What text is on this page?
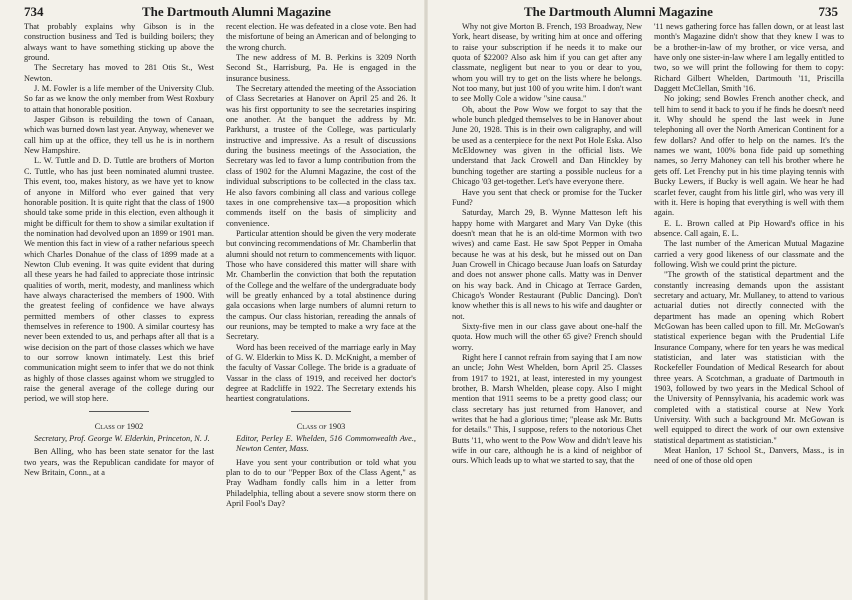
734	The Dartmouth Alumni Magazine

That probably explains why Gibson is in the construction business and Ted is building boilers; they always want to have something sticking up above the ground.

The Secretary has moved to 281 Otis St., West Newton.

J. M. Fowler is a life member of the University Club. So far as we know the only member from West Roxbury to attain that honorable position.

Jasper Gibson is rebuilding the town of Canaan, which was burned down last year. Anyway, whenever we call him up at the office, they tell us he is in northern New Hampshire.

L. W. Tuttle and D. D. Tuttle are brothers of Morton C. Tuttle, who has just been nominated alumni trustee. This event, too, makes history, as we have yet to know of anyone in Milford who ever gained that very honorable position. It is quite right that the class of 1900 should take some pride in this election, even although it might be difficult for them to show a similar exultation if the nomination had devolved upon an 1899 or 1901 man. We mention this fact in view of a rather nefarious speech which Charles Donahue of the class of 1899 made at a Newton Club evening. It was quite evident that during all these years he had failed to appreciate those intrinsic qualities of worth, merit, modesty, and manliness which have always characterised the members of 1900. With the greatest feeling of confidence we have always permitted members of other classes to express themselves in reference to 1900. A similar courtesy has never been extended to us, and perhaps after all that is a wise decision on the part of those classes which we have to our sorrow known intimately. Lest this brief communication might seem to infer that we do not think as highly of those classes against whom we struggled to raise the general average of the college during our period, we will stop here.

Class of 1902

Secretary, Prof. George W. Elderkin, Princeton, N. J.

Ben Alling, who has been state senator for the last two years, was the Republican candidate for mayor of New Britain, Conn., at a

recent election. He was defeated in a close vote. Ben had the misfortune of being an American and of belonging to the wrong church.

The new address of M. B. Perkins is 3209 North Second St., Harrisburg, Pa. He is engaged in the insurance business.

The Secretary attended the meeting of the Association of Class Secretaries at Hanover on April 25 and 26. It was his first opportunity to see the secretaries inspiring one another. At the banquet the address by Mr. Parkhurst, a trustee of the College, was particularly instructive and impressive. As a result of discussions during the business meetings of the Association, the Secretary was led to favor a lump contribution from the class of 1902 for the Alumni Magazine, the cost of the individual subscriptions to be collected in the class tax. He also favors combining all class and various college taxes in one comprehensive tax—a proposition which commends itself on the basis of simplicity and convenience.

Particular attention should be given the very moderate but convincing recommendations of Mr. Chamberlin that alumni should not return to commencements with liquor. Those who have considered this matter will share with Mr. Chamberlin the conviction that both the reputation of the College and the welfare of the undergraduate body will be greatly enhanced by a total abstinence during gala occasions when large numbers of alumni return to the campus. Our class historian, rereading the annals of our reunions, may be tempted to make a wry face at the Secretary.

Word has been received of the marriage early in May of G. W. Elderkin to Miss K. D. McKnight, a member of the faculty of Vassar College. The bride is a graduate of Vassar in the class of 1919, and received her doctor's degree at Radcliffe in 1922. The Secretary extends his heartiest congratulations.

Class of 1903

Editor, Perley E. Whelden, 516 Commonwealth Ave., Newton Center, Mass.

Have you sent your contribution or told what you plan to do to our "Pepper Box of the Class Agent," as Pray Wadham fondly calls him in a letter from Philadelphia, telling about a severe snow storm there on April Fool's Day?

The Dartmouth Alumni Magazine	735

Why not give Morton B. French, 193 Broadway, New York, heart disease, by writing him at once and offering to raise your subscription if he needs it to make our quota of $2200? Also ask him if you can get after any classmate, negligent but near to you or dear to you, whom you will try to get on the lists where he belongs. Not too many, but just 100 of you write him. I don't want to see Molly Cole a widow "sine causa."

Oh, about the Pow Wow we forgot to say that the whole bunch pledged themselves to be in Hanover about June 20, 1928. This is in their own caligraphy, and will be used as a centerpiece for the next Pot Hole Eska. Also McEldowney was given in the official lists. We understand that Jack Crowell and Dan Hinckley by bunching together are starting a possible nucleus for a Chicago '03 get-together. Let's have everyone there.

Have you sent that check or promise for the Tucker Fund?

Saturday, March 29, B. Wynne Matteson left his happy home with Margaret and Mary Van Dyke (this doesn't mean that he is an old-time Mormon with two wives) and came East. He saw Spot Pepper in Omaha because he was at his desk, but he missed out on Dan Juan Crowell in Chicago because Juan loafs on Saturday and does not answer phone calls. Matty was in Denver on his way back. And in Chicago at Terrace Garden, Chicago's Wonder Restaurant (Public Dancing). Don't know whether this is all news to his wife and daughter or not.

Sixty-five men in our class gave about one-half the quota. How much will the other 65 give? French should worry.

Right here I cannot refrain from saying that I am now an uncle; John West Whelden, born April 25. Classes from 1917 to 1921, at least, interested in my youngest brother, B. Marsh Whelden, please copy. Also I might mention that 1911 seems to be a pretty good class; our class secretary has just returned from Hanover, and writes that he had a glorious time; "please ask Mr. Butts for details." This, I suppose, refers to the notorious Chet Butts '11, who went to the Pow Wow and didn't leave his wife in our care, although he is a kind of neighbor of ours. Which leads up to what we started to say, that the

'11 news gathering force has fallen down, or at least last month's Magazine didn't show that they knew I was to be a brother-in-law of my brother, or vice versa, and have only one sister-in-law where I am legally entitled to two, so we will print the following for them to copy: Richard Gilbert Whelden, Dartmouth '11, Priscilla Daggett McClellan, Smith '16.

No joking; send Bowles French another check, and tell him to send it back to you if he finds he doesn't need it. Why should he spend the last week in June telephoning all over the North American Continent for a few dollars? And offer to help on the names. It's the names we want, 100% bona fide paid up something names, so Jerry Mahoney can tell his brother where he gets off. Let Frenchy put in his time playing tennis with Bucky Lewers, if Bucky is well again. We hear he had scarlet fever, caught from his little girl, who was very ill with it. Here is hoping that everything is well with them again.

E. L. Brown called at Pip Howard's office in his absence. Call again, E. L.

The last number of the American Mutual Magazine carried a very good likeness of our classmate and the following. Wish we could print the picture.

"The growth of the statistical department and the constantly increasing demands upon the assistant secretary and actuary, Mr. Mullaney, to attend to various actuarial duties not directly connected with the department has made an opening which Robert McGowan has been called upon to fill. Mr. McGowan's statistical experience began with the Prudential Life Insurance Company, where for ten years he was medical statistician, and later was statistician with the Rockefeller Foundation of Medical Research for about three years. A Scotchman, a graduate of Dartmouth in 1903, followed by two years in the Medical School of the University of Pennsylvania, his academic work was completed with a statistical course at New York University. With such a background Mr. McGowan is well equipped to direct the work of our own extensive statistical department as statistician."

Meat Hanlon, 17 School St., Danvers, Mass., is in need of one of those old open
